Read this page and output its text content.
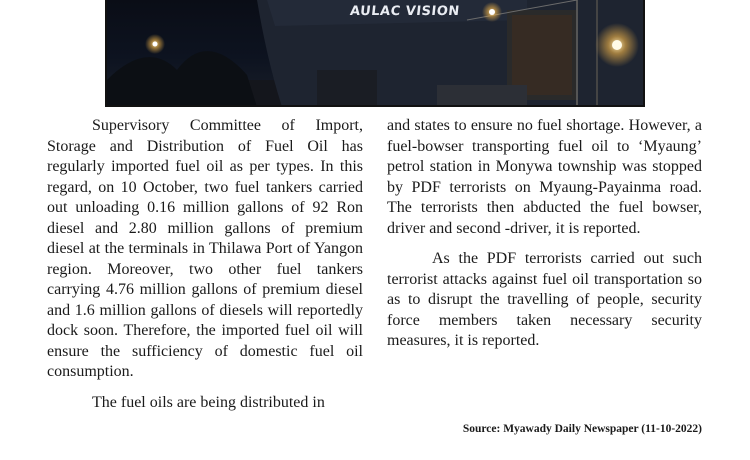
AULAC VISION

Supervisory Committee of Import, Storage and Distribution of Fuel Oil has regularly imported fuel oil as per types. In this regard, on 10 October, two fuel tankers carried out unloading 0.16 million gallons of 92 Ron diesel and 2.80 million gallons of premium diesel at the terminals in Thilawa Port of Yangon region. Moreover, two other fuel tankers carrying 4.76 million gallons of premium diesel and 1.6 million gallons of diesels will reportedly dock soon. Therefore, the imported fuel oil will ensure the sufficiency of domestic fuel oil consumption.

The fuel oils are being distributed in

and states to ensure no fuel shortage. However, a fuel-bowser transporting fuel oil to ‘Myaung’ petrol station in Monywa township was stopped by PDF terrorists on Myaung-Payainma road. The terrorists then abducted the fuel bowser, driver and second -driver, it is reported.

As the PDF terrorists carried out such terrorist attacks against fuel oil transportation so as to disrupt the travelling of people, security force members taken necessary security measures, it is reported.

Source: Myawady Daily Newspaper (11-10-2022)
